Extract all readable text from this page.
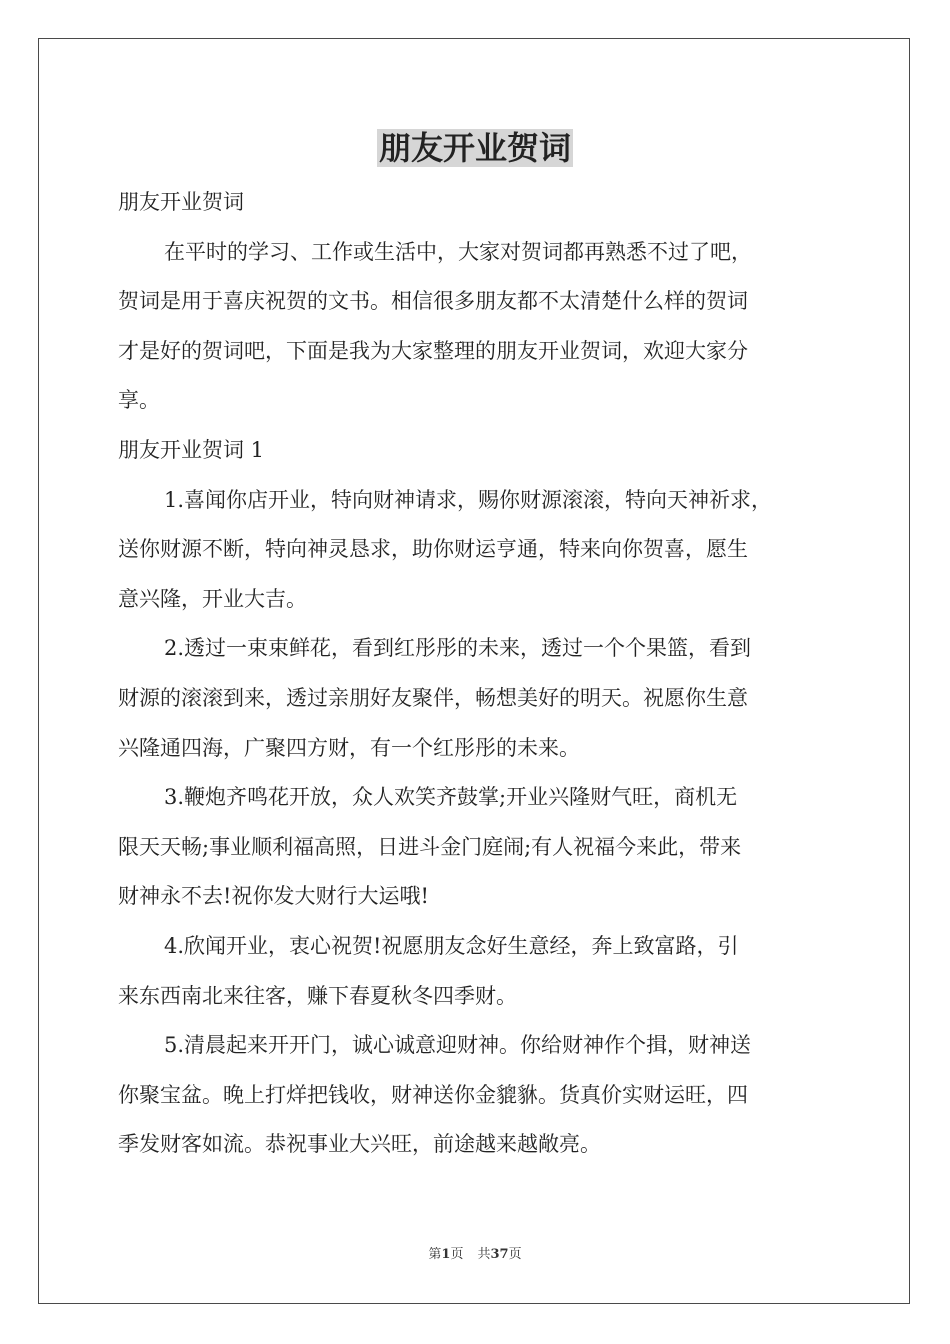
朋友开业贺词
朋友开业贺词
在平时的学习、工作或生活中，大家对贺词都再熟悉不过了吧，
贺词是用于喜庆祝贺的文书。相信很多朋友都不太清楚什么样的贺词
才是好的贺词吧，下面是我为大家整理的朋友开业贺词，欢迎大家分
享。
朋友开业贺词 1
1.喜闻你店开业，特向财神请求，赐你财源滚滚，特向天神祈求，
送你财源不断，特向神灵恳求，助你财运亨通，特来向你贺喜，愿生
意兴隆，开业大吉。
2.透过一束束鲜花，看到红彤彤的未来，透过一个个果篮，看到
财源的滚滚到来，透过亲朋好友聚伴，畅想美好的明天。祝愿你生意
兴隆通四海，广聚四方财，有一个红彤彤的未来。
3.鞭炮齐鸣花开放，众人欢笑齐鼓掌;开业兴隆财气旺，商机无
限天天畅;事业顺利福高照，日进斗金门庭闹;有人祝福今来此，带来
财神永不去!祝你发大财行大运哦!
4.欣闻开业，衷心祝贺!祝愿朋友念好生意经，奔上致富路，引
来东西南北来往客，赚下春夏秋冬四季财。
5.清晨起来开开门，诚心诚意迎财神。你给财神作个揖，财神送
你聚宝盆。晚上打烊把钱收，财神送你金貔貅。货真价实财运旺，四
季发财客如流。恭祝事业大兴旺，前途越来越敞亮。
第1页 共37页
